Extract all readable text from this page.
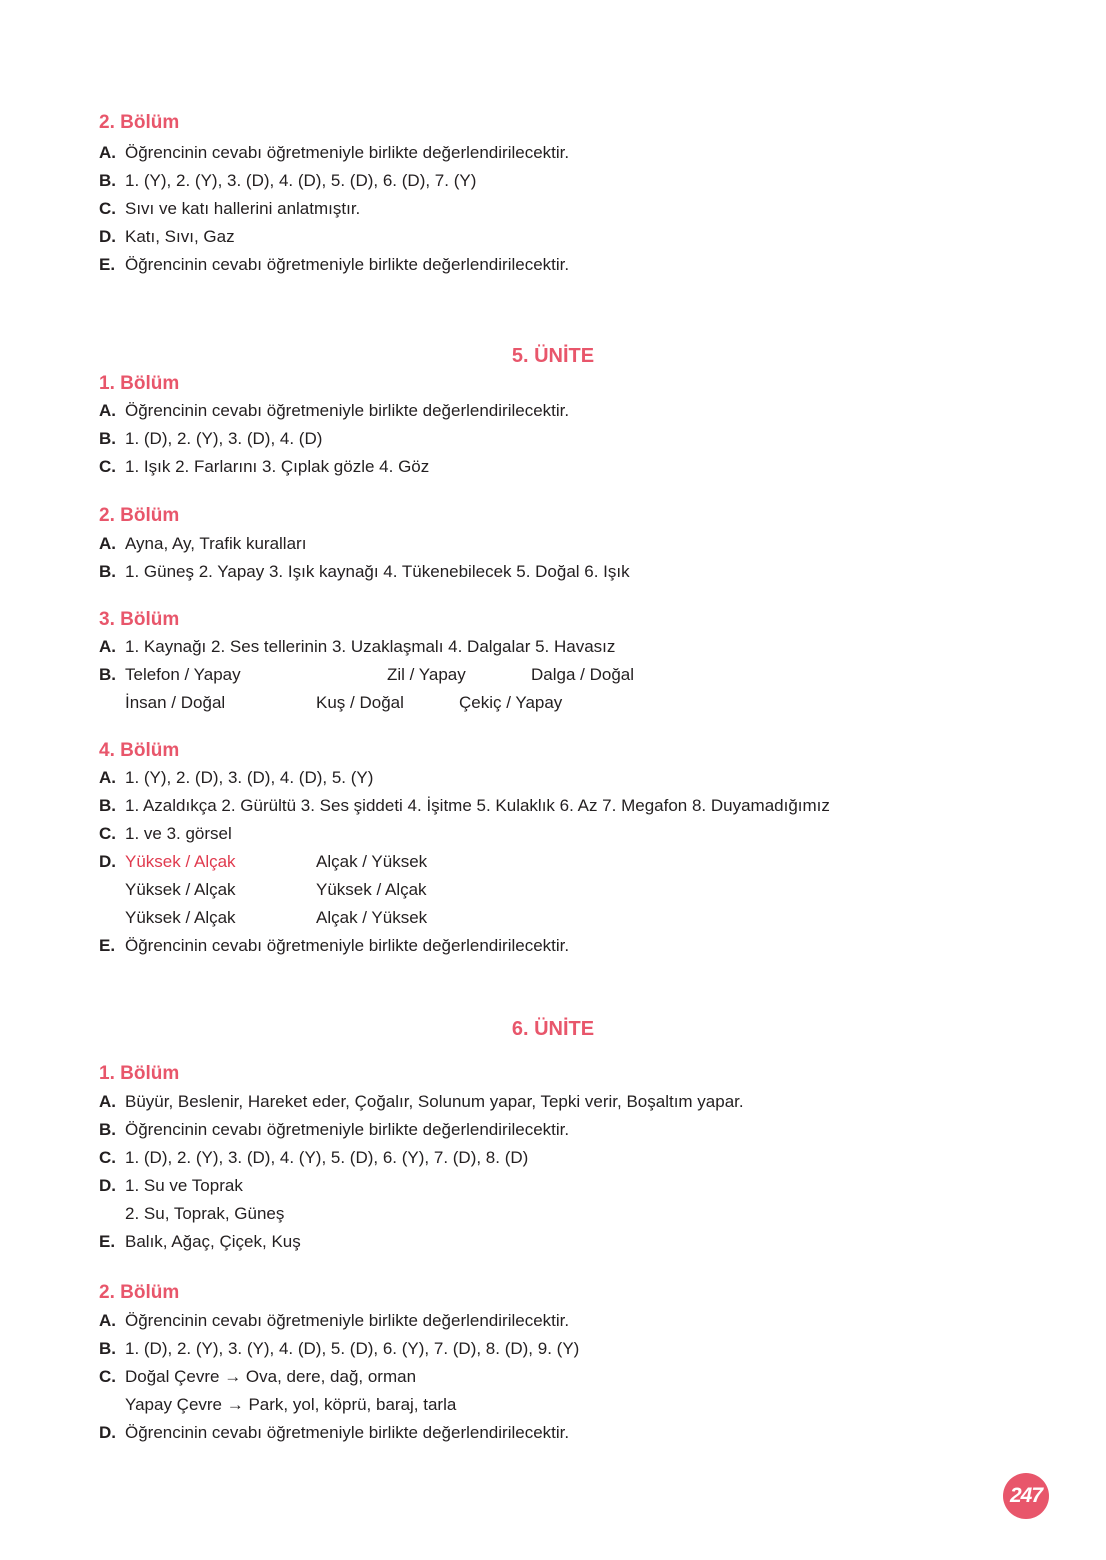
2. Bölüm
A. Öğrencinin cevabı öğretmeniyle birlikte değerlendirilecektir.
B. 1. (Y), 2. (Y), 3. (D), 4. (D), 5. (D), 6. (D), 7. (Y)
C. Sıvı ve katı hallerini anlatmıştır.
D. Katı, Sıvı, Gaz
E. Öğrencinin cevabı öğretmeniyle birlikte değerlendirilecektir.
5. ÜNİTE
1. Bölüm
A. Öğrencinin cevabı öğretmeniyle birlikte değerlendirilecektir.
B. 1. (D), 2. (Y), 3. (D), 4. (D)
C. 1. Işık 2. Farlarını 3. Çıplak gözle 4. Göz
2. Bölüm
A. Ayna, Ay, Trafik kuralları
B. 1. Güneş 2. Yapay 3. Işık kaynağı 4. Tükenebilecek 5. Doğal 6. Işık
3. Bölüm
A. 1. Kaynağı 2. Ses tellerinin 3. Uzaklaşmalı 4. Dalgalar 5. Havasız
B. Telefon / Yapay	Zil / Yapay	Dalga / Doğal
İnsan / Doğal	Kuş / Doğal	Çekiç / Yapay
4. Bölüm
A. 1. (Y), 2. (D), 3. (D), 4. (D), 5. (Y)
B. 1. Azaldıkça 2. Gürültü 3. Ses şiddeti 4. İşitme 5. Kulaklık 6. Az 7. Megafon 8. Duyamadığımız
C. 1. ve 3. görsel
D. Yüksek / Alçak	Alçak / Yüksek
Yüksek / Alçak	Yüksek / Alçak
Yüksek / Alçak	Alçak / Yüksek
E. Öğrencinin cevabı öğretmeniyle birlikte değerlendirilecektir.
6. ÜNİTE
1. Bölüm
A. Büyür, Beslenir, Hareket eder, Çoğalır, Solunum yapar, Tepki verir, Boşaltım yapar.
B. Öğrencinin cevabı öğretmeniyle birlikte değerlendirilecektir.
C. 1. (D), 2. (Y), 3. (D), 4. (Y), 5. (D), 6. (Y), 7. (D), 8. (D)
D. 1. Su ve Toprak
2. Su, Toprak, Güneş
E. Balık, Ağaç, Çiçek, Kuş
2. Bölüm
A. Öğrencinin cevabı öğretmeniyle birlikte değerlendirilecektir.
B. 1. (D), 2. (Y), 3. (Y), 4. (D), 5. (D), 6. (Y), 7. (D), 8. (D), 9. (Y)
C. Doğal Çevre → Ova, dere, dağ, orman
Yapay Çevre → Park, yol, köprü, baraj, tarla
D. Öğrencinin cevabı öğretmeniyle birlikte değerlendirilecektir.
247
